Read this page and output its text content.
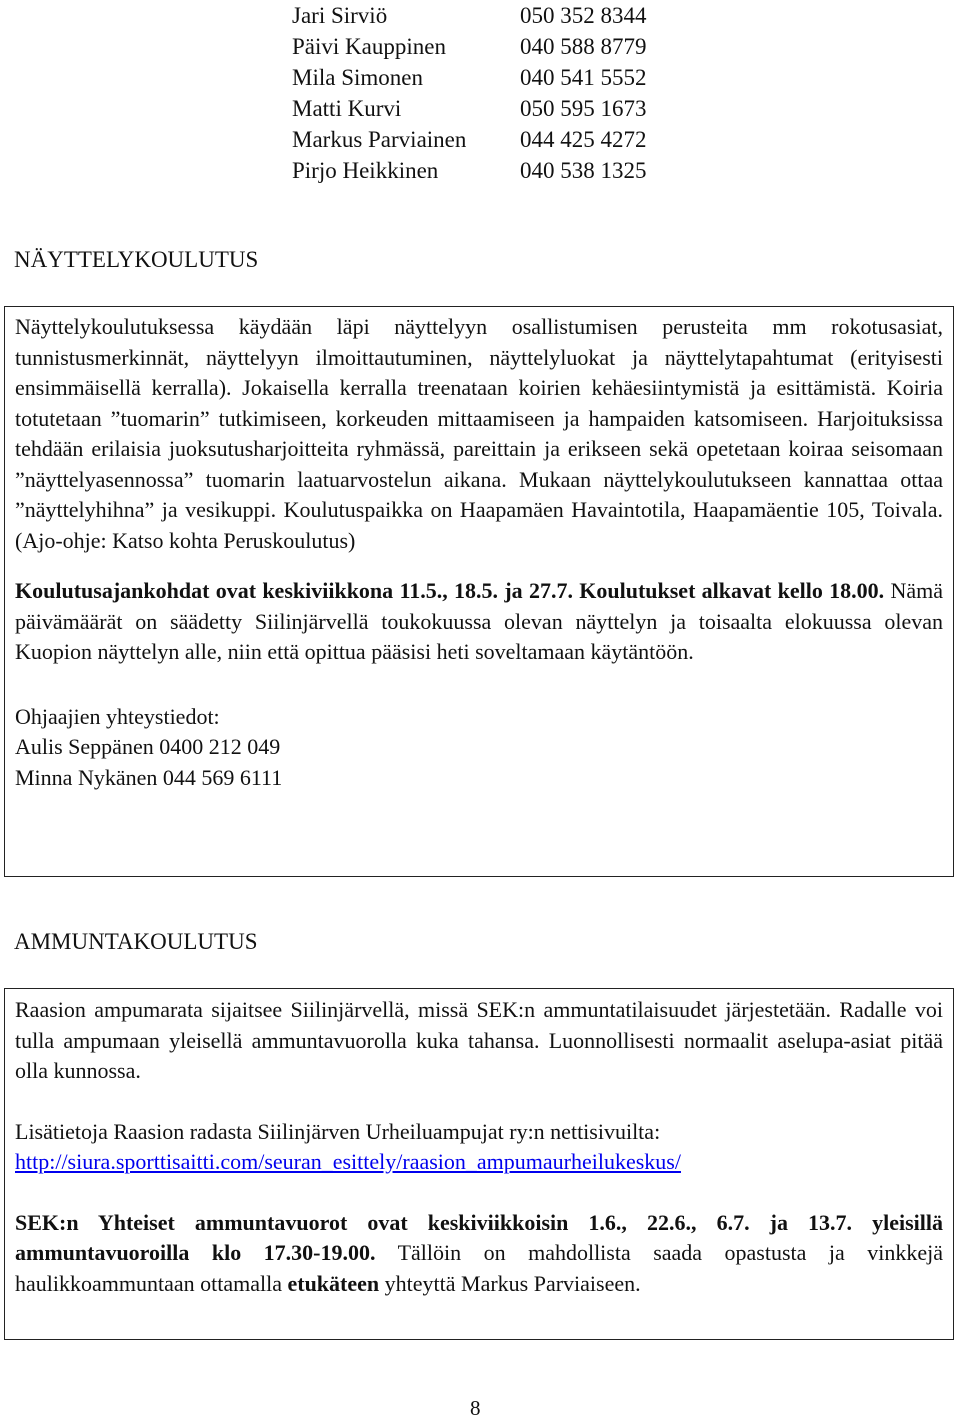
Jari Sirviö	050 352 8344
Päivi Kauppinen	040 588 8779
Mila Simonen	040 541 5552
Matti Kurvi	050 595 1673
Markus Parviainen	044 425 4272
Pirjo Heikkinen	040 538 1325
NÄYTTELYKOULUTUS

Näyttelykoulutuksessa käydään läpi näyttelyyn osallistumisen perusteita mm rokotusasiat, tunnistusmerkinnät, näyttelyyn ilmoittautuminen, näyttelyluokat ja näyttelytapahtumat (erityisesti ensimmäisellä kerralla). Jokaisella kerralla treenataan koirien kehäesiintymistä ja esittämistä. Koiria totutetaan ”tuomarin” tutkimiseen, korkeuden mittaamiseen ja hampaiden katsomiseen. Harjoituksissa tehdään erilaisia juoksutusharjoitteita ryhmässä, pareittain ja erikseen sekä opetetaan koiraa seisomaan ”näyttelyasennossa” tuomarin laatuarvostelun aikana. Mukaan näyttelykoulutukseen kannattaa ottaa ”näyttelyhihna” ja vesikuppi. Koulutuspaikka on Haapamäen Havaintotila, Haapamäentie 105, Toivala. (Ajo-ohje: Katso kohta Peruskoulutus)

Koulutusajankohdat ovat keskiviikkona 11.5., 18.5. ja 27.7. Koulutukset alkavat kello 18.00. Nämä päivämäärät on säädetty Siilinjärvellä toukokuussa olevan näyttelyn ja toisaalta elokuussa olevan Kuopion näyttelyn alle, niin että opittua pääsisi heti soveltamaan käytäntöön.

Ohjaajien yhteystiedot:

Aulis Seppänen 0400 212 049

Minna Nykänen 044 569 6111

AMMUNTAKOULUTUS

Raasion ampumarata sijaitsee Siilinjärvellä, missä SEK:n ammuntatilaisuudet järjestetään. Radalle voi tulla ampumaan yleisellä ammuntavuorolla kuka tahansa. Luonnollisesti normaalit aselupa-asiat pitää olla kunnossa.

Lisätietoja Raasion radasta Siilinjärven Urheiluampujat ry:n nettisivuilta:

http://siura.sporttisaitti.com/seuran_esittely/raasion_ampumaurheilukeskus/

SEK:n Yhteiset ammuntavuorot ovat keskiviikkoisin 1.6., 22.6., 6.7. ja 13.7. yleisillä ammuntavuoroilla klo 17.30-19.00. Tällöin on mahdollista saada opastusta ja vinkkejä haulikkoammuntaan ottamalla etukäteen yhteyttä Markus Parviaiseen.

8
